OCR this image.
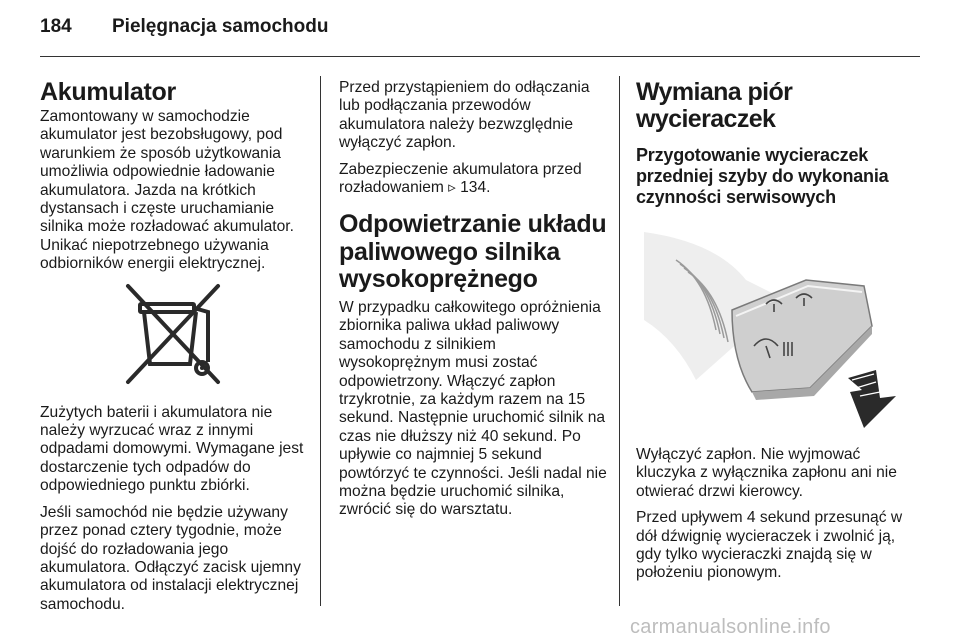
184 Pielęgnacja samochodu
Akumulator

Zamontowany w samochodzie akumulator jest bezobsługowy, pod warunkiem że sposób użytkowania umożliwia odpowiednie ładowanie akumulatora. Jazda na krótkich dystansach i częste uruchamianie silnika może rozładować akumulator. Unikać niepotrzebnego używania odbiorników energii elektrycznej.

Zużytych baterii i akumulatora nie należy wyrzucać wraz z innymi odpadami domowymi. Wymagane jest dostarczenie tych odpadów do odpowiedniego punktu zbiórki.

Jeśli samochód nie będzie używany przez ponad cztery tygodnie, może dojść do rozładowania jego akumulatora. Odłączyć zacisk ujemny akumulatora od instalacji elektrycznej samochodu.

Przed przystąpieniem do odłączania lub podłączania przewodów akumulatora należy bezwzględnie wyłączyć zapłon.

Zabezpieczenie akumulatora przed rozładowaniem ▹ 134.

Odpowietrzanie układu paliwowego silnika wysokoprężnego

W przypadku całkowitego opróżnienia zbiornika paliwa układ paliwowy samochodu z silnikiem wysokoprężnym musi zostać odpowietrzony. Włączyć zapłon trzykrotnie, za każdym razem na 15 sekund. Następnie uruchomić silnik na czas nie dłuższy niż 40 sekund. Po upływie co najmniej 5 sekund powtórzyć te czynności. Jeśli nadal nie można będzie uruchomić silnika, zwrócić się do warsztatu.

Wymiana piór wycieraczek
Przygotowanie wycieraczek przedniej szyby do wykonania czynności serwisowych

Wyłączyć zapłon. Nie wyjmować kluczyka z wyłącznika zapłonu ani nie otwierać drzwi kierowcy.

Przed upływem 4 sekund przesunąć w dół dźwignię wycieraczek i zwolnić ją, gdy tylko wycieraczki znajdą się w położeniu pionowym.

carmanualsonline.info
